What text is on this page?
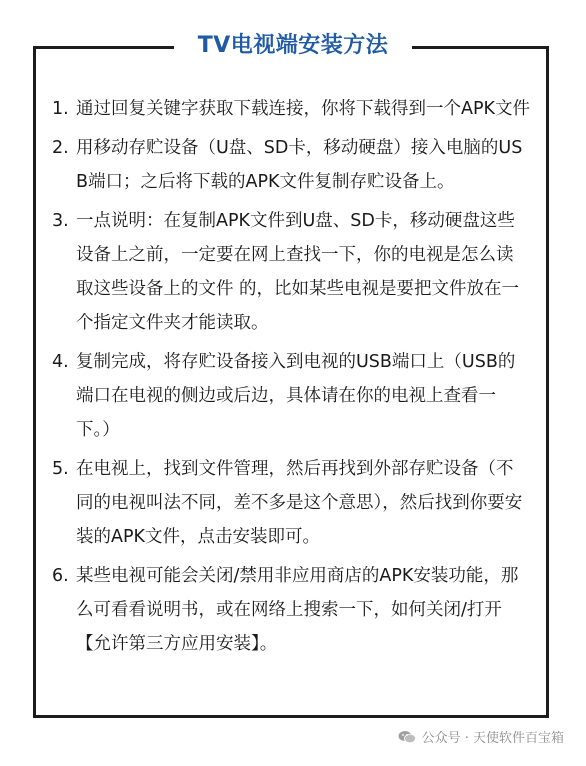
TV电视端安装方法
1. 通过回复关键字获取下载连接，你将下载得到一个APK文件
2. 用移动存贮设备（U盘、SD卡，移动硬盘）接入电脑的USB端口；之后将下载的APK文件复制存贮设备上。
3. 一点说明：在复制APK文件到U盘、SD卡，移动硬盘这些设备上之前，一定要在网上查找一下，你的电视是怎么读取这些设备上的文件 的，比如某些电视是要把文件放在一个指定文件夹才能读取。
4. 复制完成，将存贮设备接入到电视的USB端口上（USB的端口在电视的侧边或后边，具体请在你的电视上查看一下。）
5. 在电视上，找到文件管理，然后再找到外部存贮设备（不同的电视叫法不同，差不多是这个意思），然后找到你要安装的APK文件，点击安装即可。
6. 某些电视可能会关闭/禁用非应用商店的APK安装功能，那么可看看说明书，或在网络上搜索一下，如何关闭/打开【允许第三方应用安装】。
公众号 · 天使软件百宝箱
